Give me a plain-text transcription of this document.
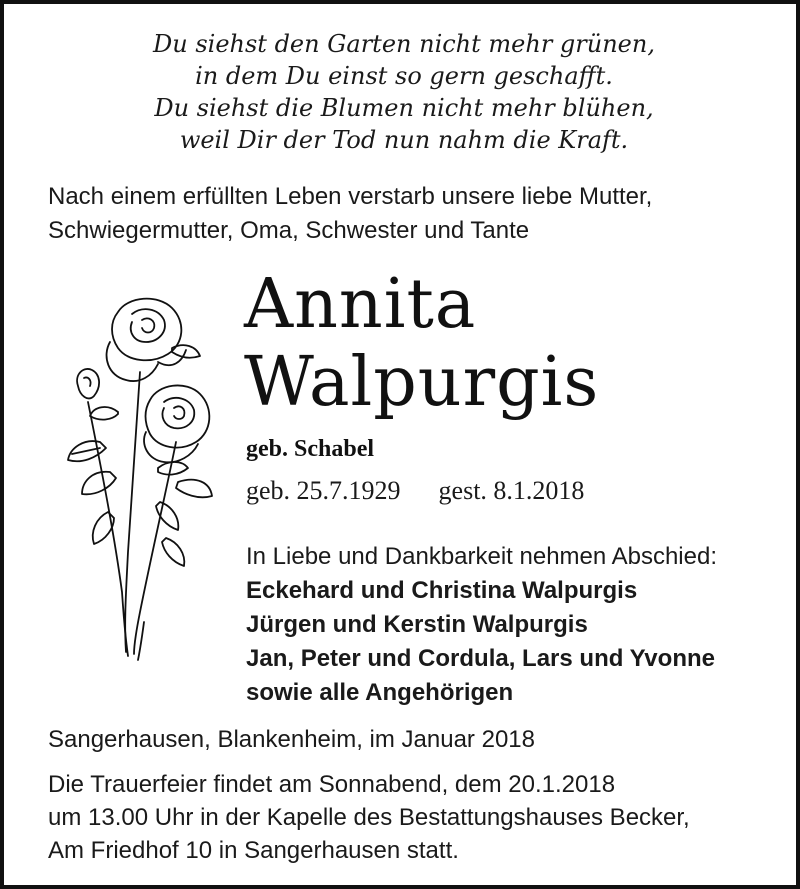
Du siehst den Garten nicht mehr grünen,
in dem Du einst so gern geschafft.
Du siehst die Blumen nicht mehr blühen,
weil Dir der Tod nun nahm die Kraft.
Nach einem erfüllten Leben verstarb unsere liebe Mutter,
Schwiegermutter, Oma, Schwester und Tante
Annita
Walpurgis
geb. Schabel
geb. 25.7.1929 gest. 8.1.2018
In Liebe und Dankbarkeit nehmen Abschied:
Eckehard und Christina Walpurgis
Jürgen und Kerstin Walpurgis
Jan, Peter und Cordula, Lars und Yvonne
sowie alle Angehörigen
Sangerhausen, Blankenheim, im Januar 2018
Die Trauerfeier findet am Sonnabend, dem 20.1.2018
um 13.00 Uhr in der Kapelle des Bestattungshauses Becker,
Am Friedhof 10 in Sangerhausen statt.
